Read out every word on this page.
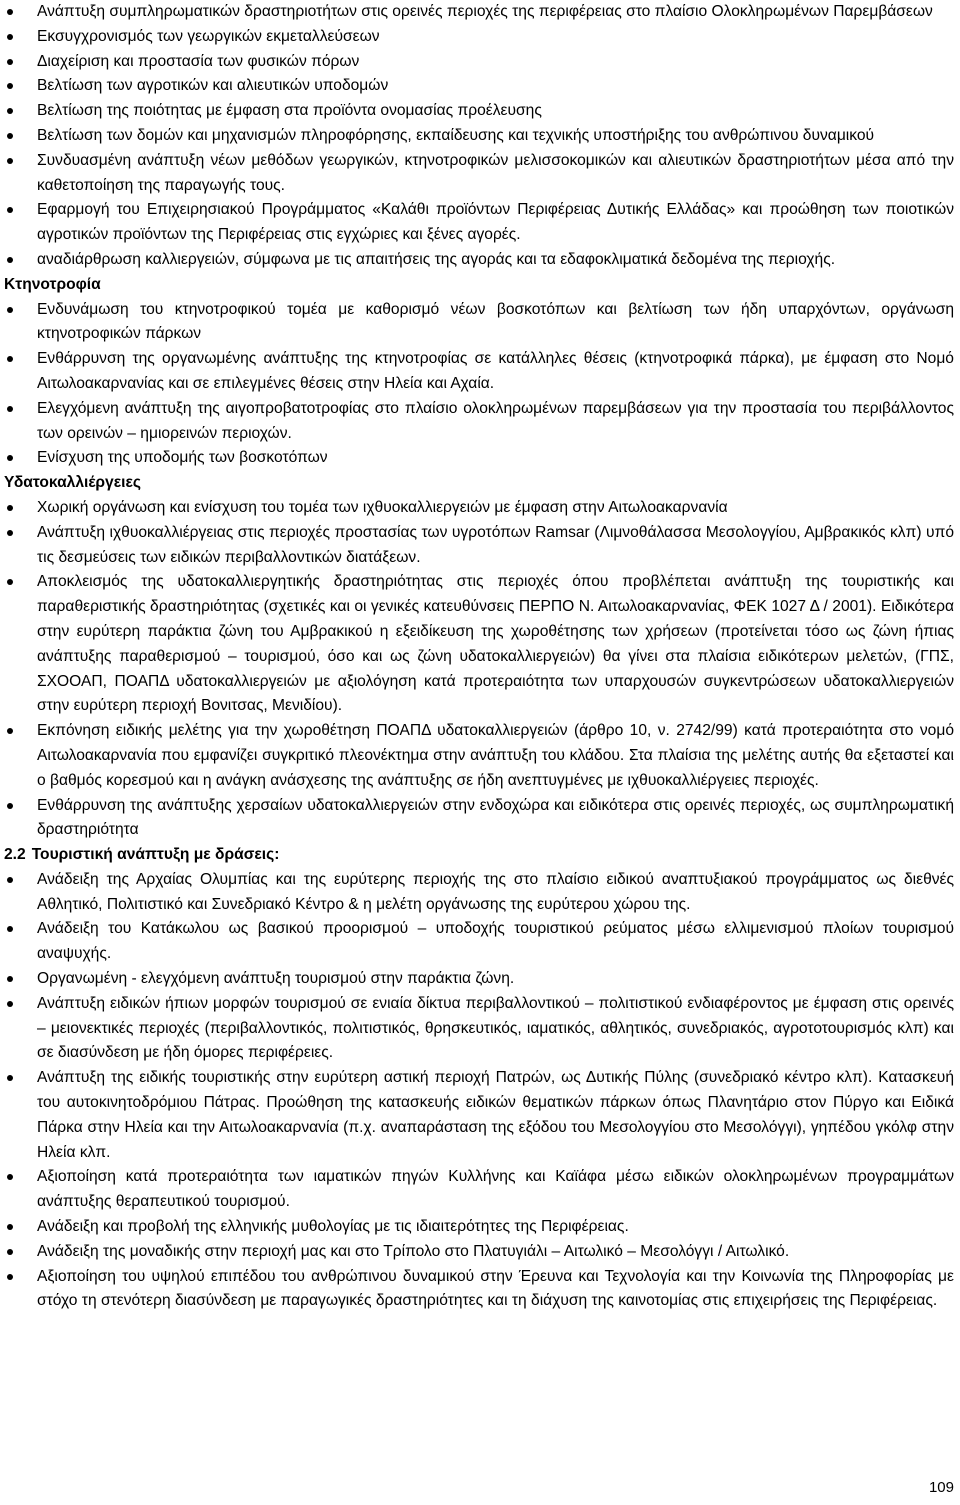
Ανάπτυξη συμπληρωματικών δραστηριοτήτων στις ορεινές περιοχές της περιφέρειας στο πλαίσιο Ολοκληρωμένων Παρεμβάσεων
Εκσυγχρονισμός των γεωργικών εκμεταλλεύσεων
Διαχείριση και προστασία των φυσικών πόρων
Βελτίωση των αγροτικών και αλιευτικών υποδομών
Βελτίωση της ποιότητας με έμφαση στα προϊόντα ονομασίας προέλευσης
Βελτίωση των δομών και μηχανισμών πληροφόρησης, εκπαίδευσης και τεχνικής υποστήριξης του ανθρώπινου δυναμικού
Συνδυασμένη ανάπτυξη νέων μεθόδων γεωργικών, κτηνοτροφικών μελισσοκομικών και αλιευτικών δραστηριοτήτων μέσα από την καθετοποίηση της παραγωγής τους.
Εφαρμογή του Επιχειρησιακού Προγράμματος «Καλάθι προϊόντων Περιφέρειας Δυτικής Ελλάδας» και προώθηση των ποιοτικών αγροτικών προϊόντων της Περιφέρειας στις εγχώριες και ξένες αγορές.
αναδιάρθρωση καλλιεργειών, σύμφωνα με τις απαιτήσεις της αγοράς και τα εδαφοκλιματικά δεδομένα της περιοχής.
Κτηνοτροφία
Ενδυνάμωση του κτηνοτροφικού τομέα με καθορισμό νέων βοσκοτόπων και βελτίωση των ήδη υπαρχόντων, οργάνωση κτηνοτροφικών πάρκων
Ενθάρρυνση της οργανωμένης ανάπτυξης της κτηνοτροφίας σε κατάλληλες θέσεις (κτηνοτροφικά πάρκα), με έμφαση στο Νομό Αιτωλοακαρνανίας και σε επιλεγμένες θέσεις στην Ηλεία και Αχαία.
Ελεγχόμενη ανάπτυξη της αιγοπροβατοτροφίας στο πλαίσιο ολοκληρωμένων παρεμβάσεων για την προστασία του περιβάλλοντος των ορεινών – ημιορεινών περιοχών.
Ενίσχυση της υποδομής των βοσκοτόπων
Υδατοκαλλιέργειες
Χωρική οργάνωση και ενίσχυση του τομέα των ιχθυοκαλλιεργειών με έμφαση στην Αιτωλοακαρνανία
Ανάπτυξη ιχθυοκαλλιέργειας στις περιοχές προστασίας των υγροτόπων Ramsar (Λιμνοθάλασσα Μεσολογγίου, Αμβρακικός κλπ) υπό τις δεσμεύσεις των ειδικών περιβαλλοντικών διατάξεων.
Αποκλεισμός της υδατοκαλλιεργητικής δραστηριότητας στις περιοχές όπου προβλέπεται ανάπτυξη της τουριστικής και παραθεριστικής δραστηριότητας (σχετικές και οι γενικές κατευθύνσεις ΠΕΡΠΟ Ν. Αιτωλοακαρνανίας, ΦΕΚ 1027 Δ / 2001). Ειδικότερα στην ευρύτερη παράκτια ζώνη του Αμβρακικού η εξειδίκευση της χωροθέτησης των χρήσεων (προτείνεται τόσο ως ζώνη ήπιας ανάπτυξης παραθερισμού – τουρισμού, όσο και ως ζώνη υδατοκαλλιεργειών) θα γίνει στα πλαίσια ειδικότερων μελετών, (ΓΠΣ, ΣΧΟΟΑΠ, ΠΟΑΠΔ υδατοκαλλιεργειών με αξιολόγηση κατά προτεραιότητα των υπαρχουσών συγκεντρώσεων υδατοκαλλιεργειών στην ευρύτερη περιοχή Βονιτσας, Μενιδίου).
Εκπόνηση ειδικής μελέτης για την χωροθέτηση ΠΟΑΠΔ υδατοκαλλιεργειών (άρθρο 10, ν. 2742/99) κατά προτεραιότητα στο νομό Αιτωλοακαρνανία που εμφανίζει συγκριτικό πλεονέκτημα στην ανάπτυξη του κλάδου. Στα πλαίσια της μελέτης αυτής θα εξεταστεί και ο βαθμός κορεσμού και η ανάγκη ανάσχεσης της ανάπτυξης σε ήδη ανεπτυγμένες με ιχθυοκαλλιέργειες περιοχές.
Ενθάρρυνση της ανάπτυξης χερσαίων υδατοκαλλιεργειών στην ενδοχώρα και ειδικότερα στις ορεινές περιοχές, ως συμπληρωματική δραστηριότητα
2.2 Τουριστική ανάπτυξη με δράσεις:
Ανάδειξη της Αρχαίας Ολυμπίας και της ευρύτερης περιοχής της στο πλαίσιο ειδικού αναπτυξιακού προγράμματος ως διεθνές Αθλητικό, Πολιτιστικό και Συνεδριακό Κέντρο & η μελέτη οργάνωσης της ευρύτερου χώρου της.
Ανάδειξη του Κατάκωλου ως βασικού προορισμού – υποδοχής τουριστικού ρεύματος μέσω ελλιμενισμού πλοίων τουρισμού αναψυχής.
Οργανωμένη - ελεγχόμενη ανάπτυξη τουρισμού στην παράκτια ζώνη.
Ανάπτυξη ειδικών ήπιων μορφών τουρισμού σε ενιαία δίκτυα περιβαλλοντικού – πολιτιστικού ενδιαφέροντος με έμφαση στις ορεινές – μειονεκτικές περιοχές (περιβαλλοντικός, πολιτιστικός, θρησκευτικός, ιαματικός, αθλητικός, συνεδριακός, αγροτοτουρισμός κλπ) και σε διασύνδεση με ήδη όμορες περιφέρειες.
Ανάπτυξη της ειδικής τουριστικής στην ευρύτερη αστική περιοχή Πατρών, ως Δυτικής Πύλης (συνεδριακό κέντρο κλπ). Κατασκευή του αυτοκινητοδρόμιου Πάτρας. Προώθηση της κατασκευής ειδικών θεματικών πάρκων όπως Πλανητάριο στον Πύργο και Ειδικά Πάρκα στην Ηλεία και την Αιτωλοακαρνανία (π.χ. αναπαράσταση της εξόδου του Μεσολογγίου στο Μεσολόγγι), γηπέδου γκόλφ στην Ηλεία κλπ.
Αξιοποίηση κατά προτεραιότητα των ιαματικών πηγών Κυλλήνης και Καϊάφα μέσω ειδικών ολοκληρωμένων προγραμμάτων ανάπτυξης θεραπευτικού τουρισμού.
Ανάδειξη και προβολή της ελληνικής μυθολογίας με τις ιδιαιτερότητες της Περιφέρειας.
Ανάδειξη της μοναδικής στην περιοχή μας και στο Τρίπολο στο Πλατυγιάλι – Αιτωλικό – Μεσολόγγι / Αιτωλικό.
Αξιοποίηση του υψηλού επιπέδου του ανθρώπινου δυναμικού στην Έρευνα και Τεχνολογία και την Κοινωνία της Πληροφορίας με στόχο τη στενότερη διασύνδεση με παραγωγικές δραστηριότητες και τη διάχυση της καινοτομίας στις επιχειρήσεις της Περιφέρειας.
109
